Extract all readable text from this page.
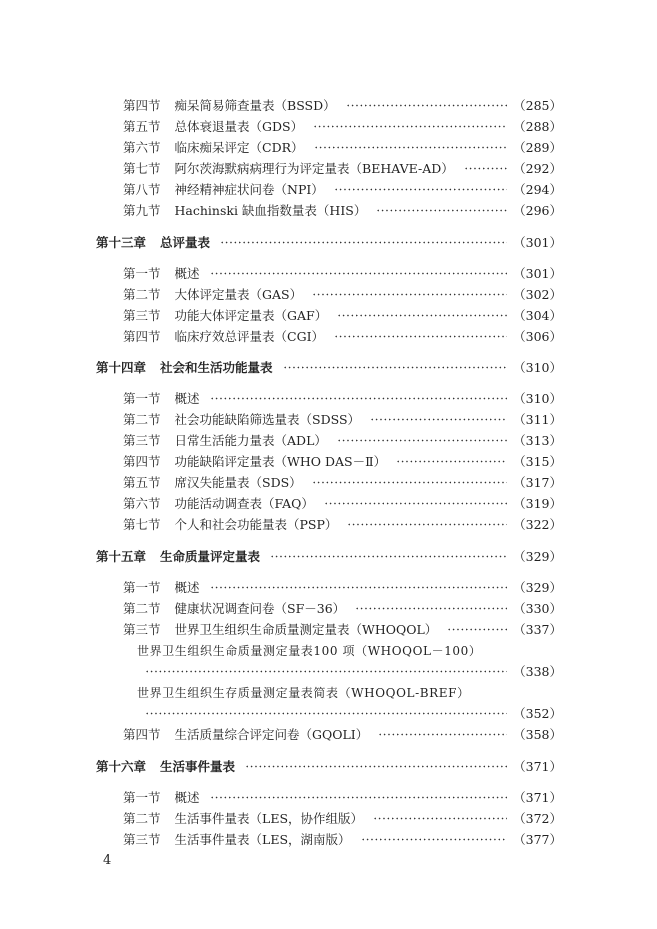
第四节 痴呆简易筛查量表（BSSD）	（285）
第五节 总体衰退量表（GDS）	（288）
第六节 临床痴呆评定（CDR）	（289）
第七节 阿尔茨海默病病理行为评定量表（BEHAVE-AD）	（292）
第八节 神经精神症状问卷（NPI）	（294）
第九节 Hachinski 缺血指数量表（HIS）	（296）
第十三章 总评量表	（301）
第一节 概述	（301）
第二节 大体评定量表（GAS）	（302）
第三节 功能大体评定量表（GAF）	（304）
第四节 临床疗效总评量表（CGI）	（306）
第十四章 社会和生活功能量表	（310）
第一节 概述	（310）
第二节 社会功能缺陷筛选量表（SDSS）	（311）
第三节 日常生活能力量表（ADL）	（313）
第四节 功能缺陷评定量表（WHO DAS－Ⅱ）	（315）
第五节 席汉失能量表（SDS）	（317）
第六节 功能活动调查表（FAQ）	（319）
第七节 个人和社会功能量表（PSP）	（322）
第十五章 生命质量评定量表	（329）
第一节 概述	（329）
第二节 健康状况调查问卷（SF－36）	（330）
第三节 世界卫生组织生命质量测定量表（WHOQOL）	（337）
世界卫生组织生命质量测定量表100 项（WHOQOL－100）
（338）
世界卫生组织生存质量测定量表简表（WHOQOL-BREF）
（352）
第四节 生活质量综合评定问卷（GQOLI）	（358）
第十六章 生活事件量表	（371）
第一节 概述	（371）
第二节 生活事件量表（LES，协作组版）	（372）
第三节 生活事件量表（LES，湖南版）	（377）
4
